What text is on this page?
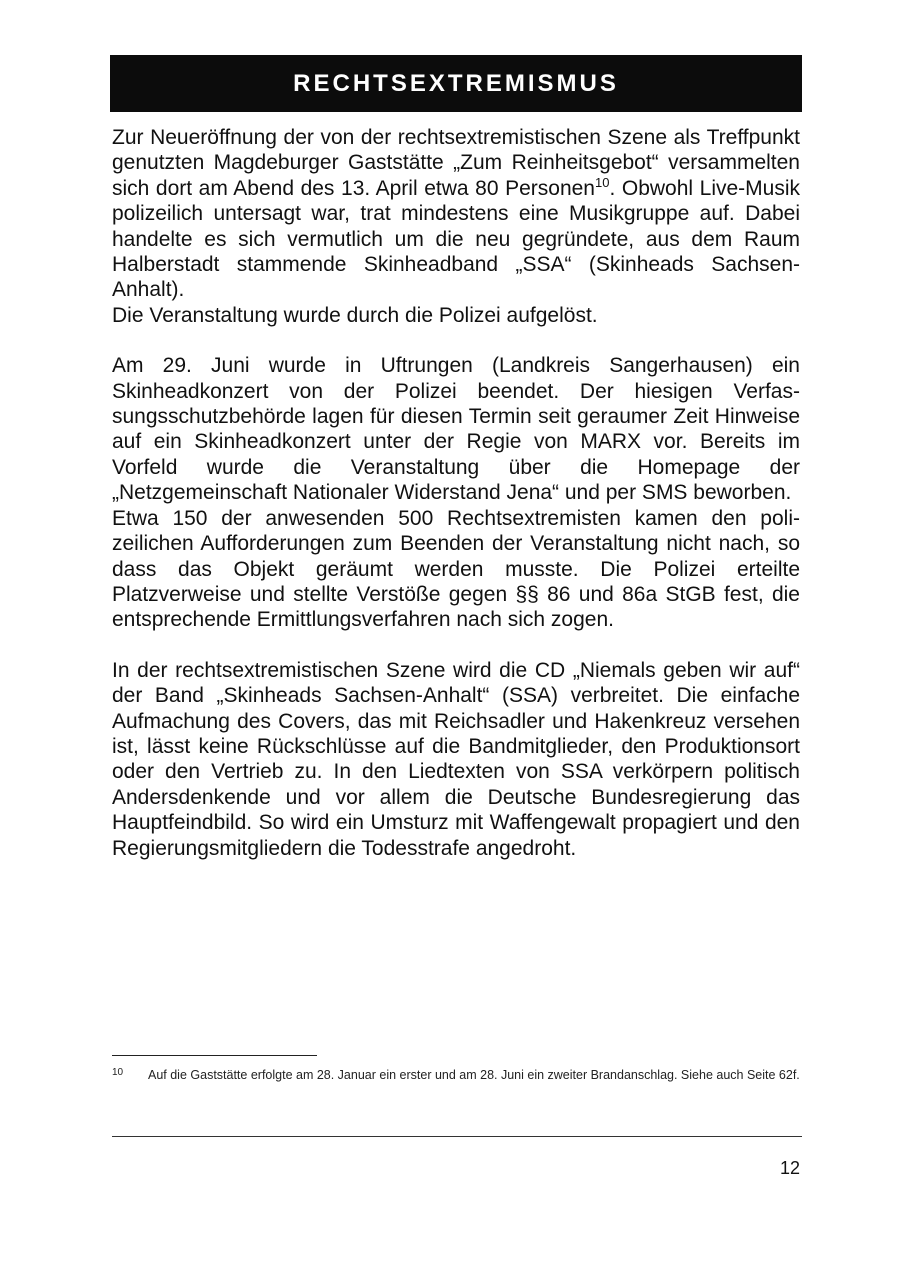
RECHTSEXTREMISMUS

Zur Neueröffnung der von der rechtsextremistischen Szene als Treffpunkt genutzten Magdeburger Gaststätte „Zum Reinheitsgebot“ versammelten sich dort am Abend des 13. April etwa 80 Personen$^{10}$. Obwohl Live-Musik polizeilich untersagt war, trat mindestens eine Musikgruppe auf. Dabei handelte es sich vermutlich um die neu gegründete, aus dem Raum Halberstadt stammende Skinheadband „SSA“ (Skinheads Sachsen-Anhalt).
Die Veranstaltung wurde durch die Polizei aufgelöst.

Am 29. Juni wurde in Uftrungen (Landkreis Sangerhausen) ein Skinheadkonzert von der Polizei beendet. Der hiesigen Verfassungsschutzbehörde lagen für diesen Termin seit geraumer Zeit Hinweise auf ein Skinheadkonzert unter der Regie von MARX vor. Bereits im Vorfeld wurde die Veranstaltung über die Homepage der „Netzgemeinschaft Nationaler Widerstand Jena“ und per SMS beworben.

Etwa 150 der anwesenden 500 Rechtsextremisten kamen den polizeilichen Aufforderungen zum Beenden der Veranstaltung nicht nach, so dass das Objekt geräumt werden musste. Die Polizei erteilte Platzverweise und stellte Verstöße gegen §§ 86 und 86a StGB fest, die entsprechende Ermittlungsverfahren nach sich zogen.

In der rechtsextremistischen Szene wird die CD „Niemals geben wir auf“ der Band „Skinheads Sachsen-Anhalt“ (SSA) verbreitet. Die einfache Aufmachung des Covers, das mit Reichsadler und Hakenkreuz versehen ist, lässt keine Rückschlüsse auf die Bandmitglieder, den Produktionsort oder den Vertrieb zu. In den Liedtexten von SSA verkörpern politisch Andersdenkende und vor allem die Deutsche Bundesregierung das Hauptfeindbild. So wird ein Umsturz mit Waffengewalt propagiert und den Regierungsmitgliedern die Todesstrafe angedroht.

10	Auf die Gaststätte erfolgte am 28. Januar ein erster und am 28. Juni ein zweiter Brandanschlag. Siehe auch Seite 62f.
12
